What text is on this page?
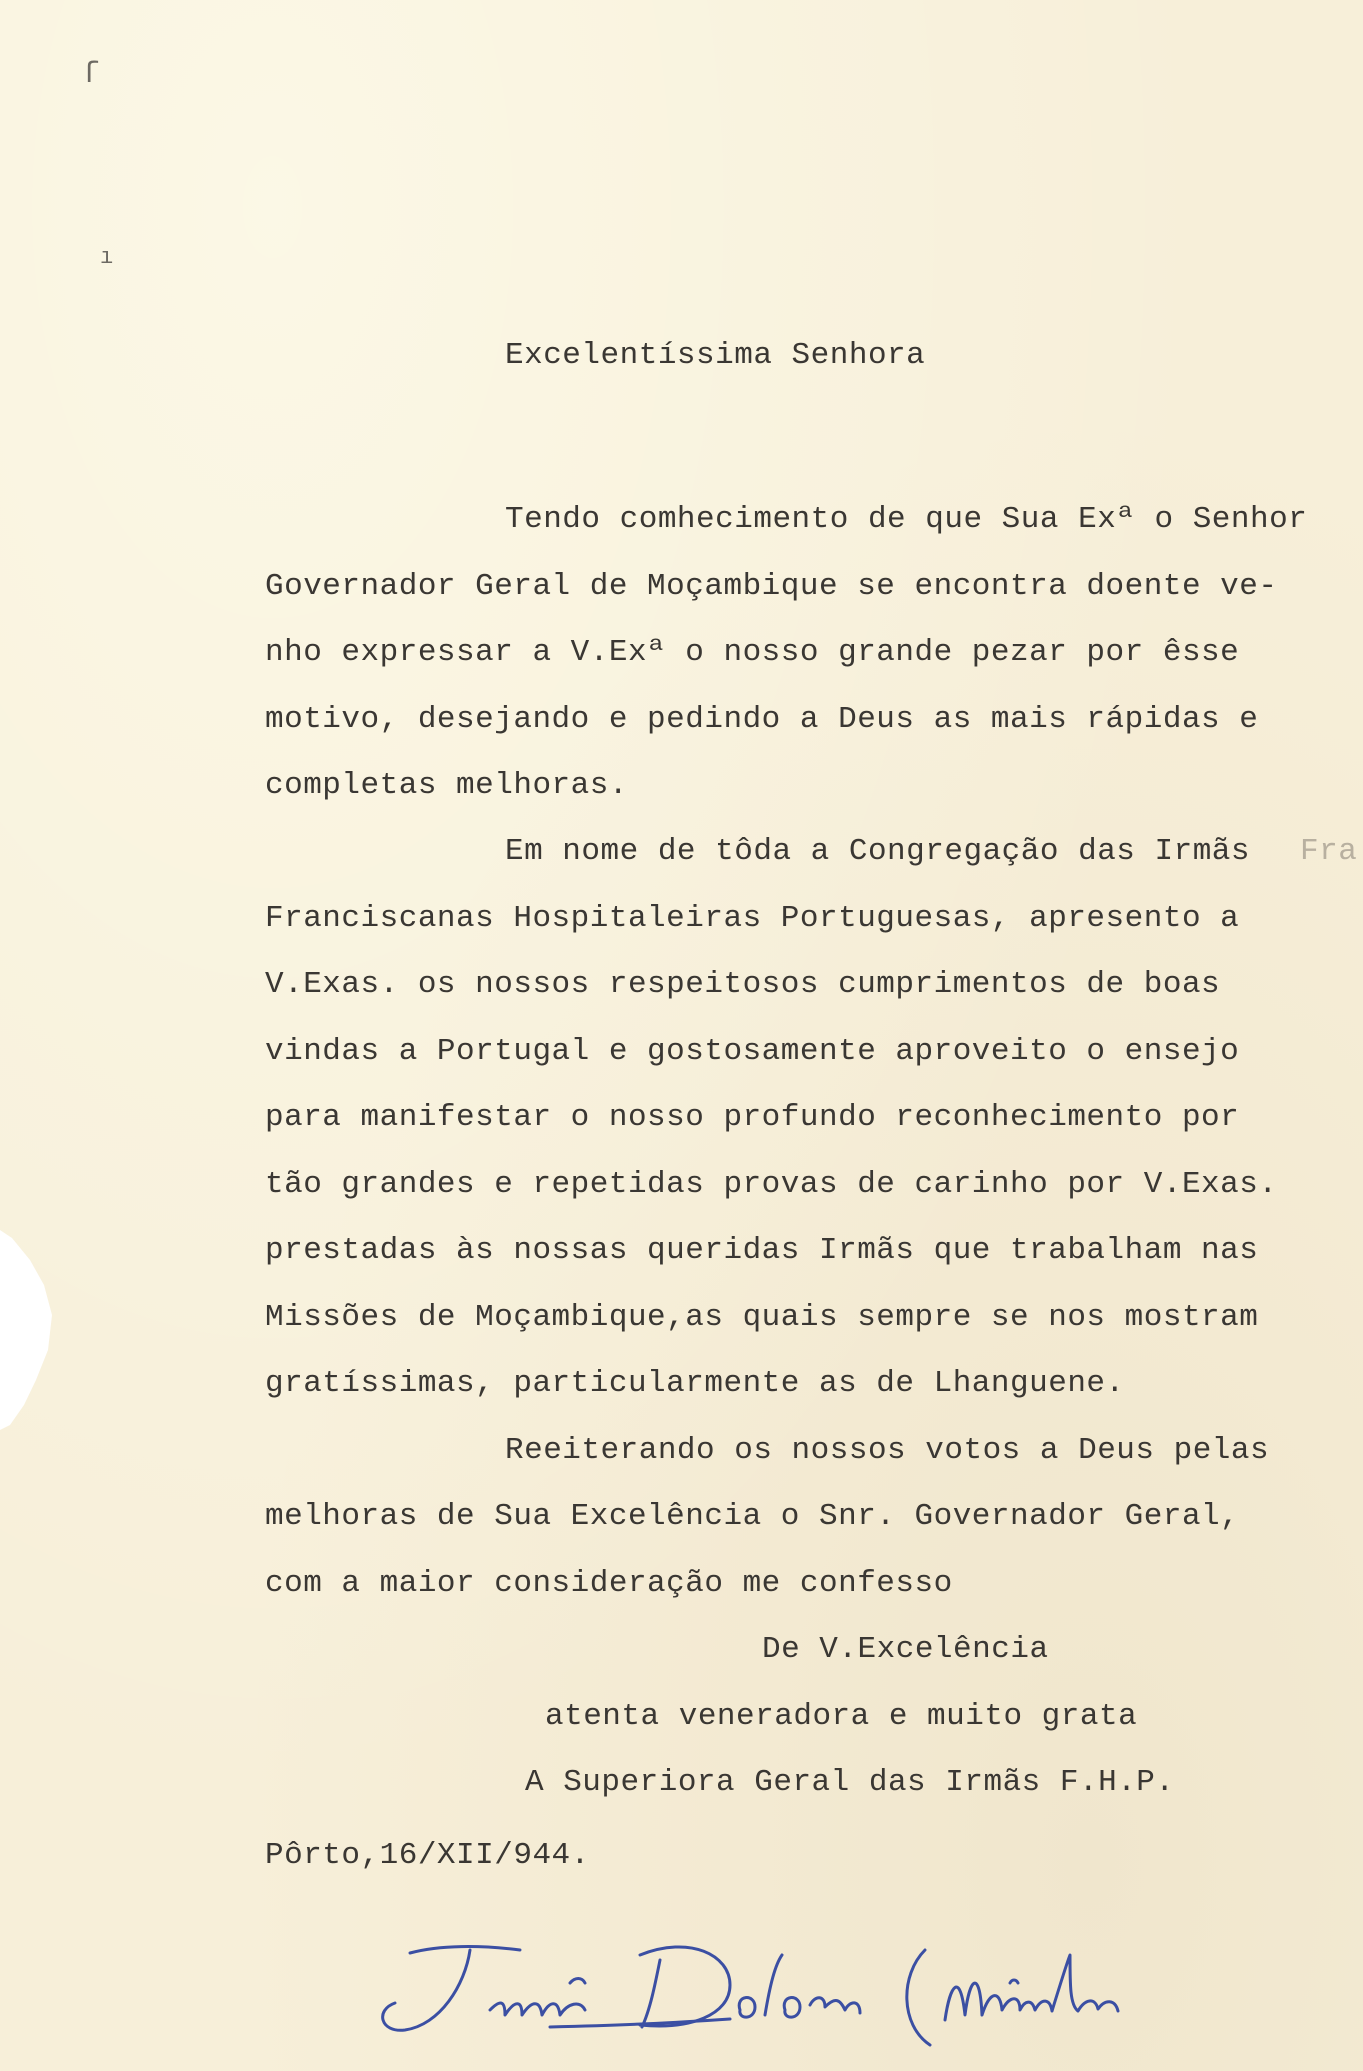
ſ
ı
Excelentíssima Senhora
Tendo comhecimento de que Sua Exª o Senhor
Governador Geral de Moçambique se encontra doente ve-
nho expressar a V.Exª o nosso grande pezar por êsse
motivo, desejando e pedindo a Deus as mais rápidas e
completas melhoras.
Em nome de tôda a Congregação das Irmãs Fra
Franciscanas Hospitaleiras Portuguesas, apresento a
V.Exas. os nossos respeitosos cumprimentos de boas
vindas a Portugal e gostosamente aproveito o ensejo
para manifestar o nosso profundo reconhecimento por
tão grandes e repetidas provas de carinho por V.Exas.
prestadas às nossas queridas Irmãs que trabalham nas
Missões de Moçambique,as quais sempre se nos mostram
gratíssimas, particularmente as de Lhanguene.
Reeiterando os nossos votos a Deus pelas
melhoras de Sua Excelência o Snr. Governador Geral,
com a maior consideração me confesso
De V.Excelência
atenta veneradora e muito grata
A Superiora Geral das Irmãs F.H.P.
Pôrto,16/XII/944.
